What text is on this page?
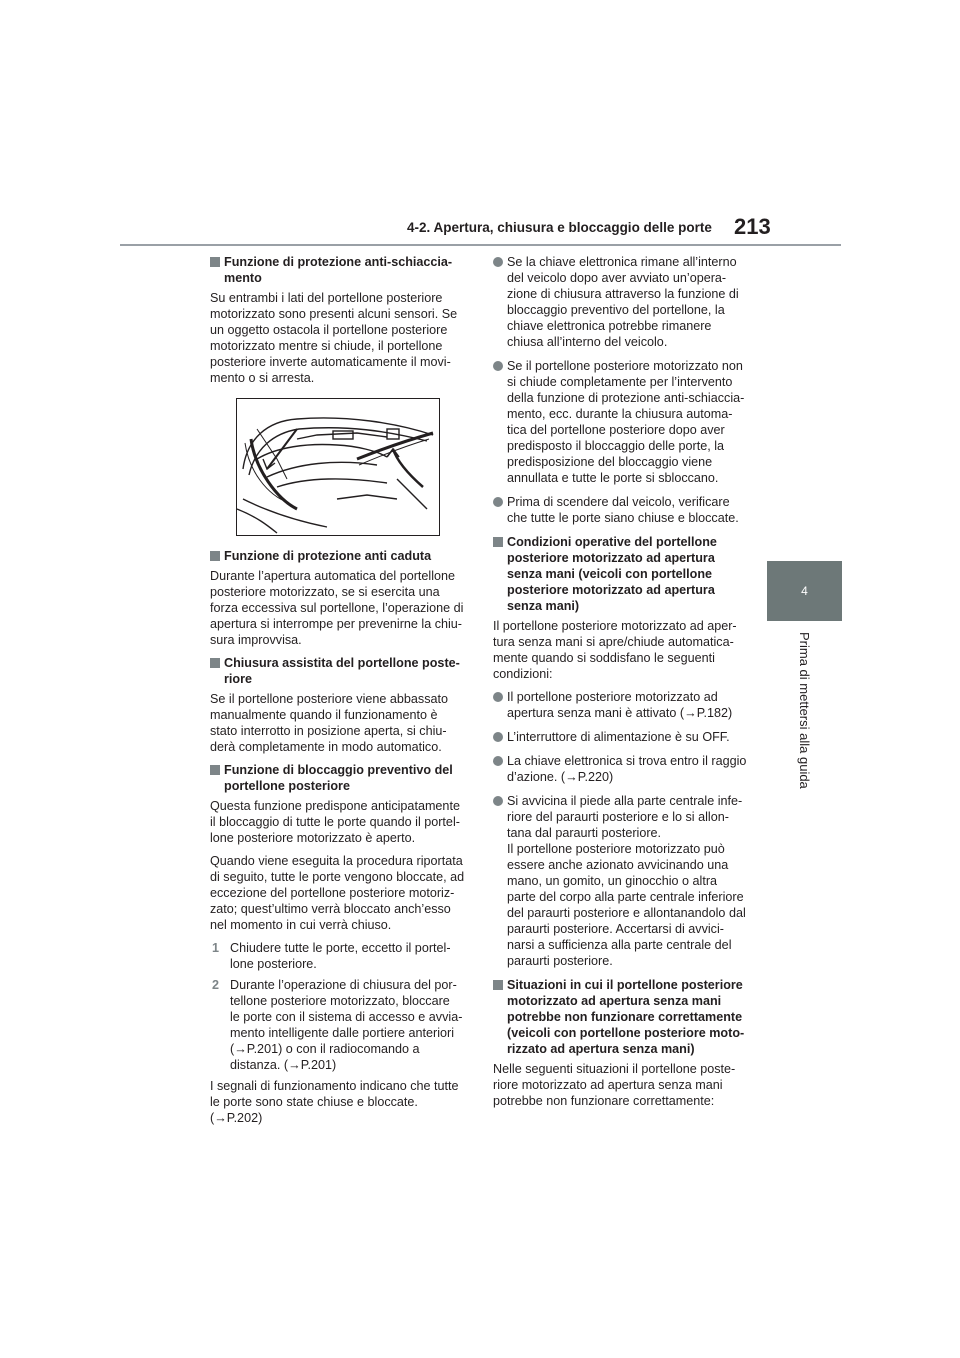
4-2. Apertura, chiusura e bloccaggio delle porte 213
4
Prima di mettersi alla guida
Funzione di protezione anti-schiaccia-
mento
Su entrambi i lati del portellone posteriore
motorizzato sono presenti alcuni sensori. Se
un oggetto ostacola il portellone posteriore
motorizzato mentre si chiude, il portellone
posteriore inverte automaticamente il movi-
mento o si arresta.
Funzione di protezione anti caduta
Durante l’apertura automatica del portellone
posteriore motorizzato, se si esercita una
forza eccessiva sul portellone, l’operazione di
apertura si interrompe per prevenirne la chiu-
sura improvvisa.
Chiusura assistita del portellone poste-
riore
Se il portellone posteriore viene abbassato
manualmente quando il funzionamento è
stato interrotto in posizione aperta, si chiu-
derà completamente in modo automatico.
Funzione di bloccaggio preventivo del
portellone posteriore
Questa funzione predispone anticipatamente
il bloccaggio di tutte le porte quando il portel-
lone posteriore motorizzato è aperto.
Quando viene eseguita la procedura riportata
di seguito, tutte le porte vengono bloccate, ad
eccezione del portellone posteriore motoriz-
zato; quest’ultimo verrà bloccato anch’esso
nel momento in cui verrà chiuso.
1 Chiudere tutte le porte, eccetto il portel-
lone posteriore.
2 Durante l’operazione di chiusura del por-
tellone posteriore motorizzato, bloccare
le porte con il sistema di accesso e avvia-
mento intelligente dalle portiere anteriori
(→P.201) o con il radiocomando a
distanza. (→P.201)
I segnali di funzionamento indicano che tutte
le porte sono state chiuse e bloccate.
(→P.202)
Se la chiave elettronica rimane all’interno
del veicolo dopo aver avviato un’opera-
zione di chiusura attraverso la funzione di
bloccaggio preventivo del portellone, la
chiave elettronica potrebbe rimanere
chiusa all’interno del veicolo.
Se il portellone posteriore motorizzato non
si chiude completamente per l’intervento
della funzione di protezione anti-schiaccia-
mento, ecc. durante la chiusura automa-
tica del portellone posteriore dopo aver
predisposto il bloccaggio delle porte, la
predisposizione del bloccaggio viene
annullata e tutte le porte si sbloccano.
Prima di scendere dal veicolo, verificare
che tutte le porte siano chiuse e bloccate.
Condizioni operative del portellone
posteriore motorizzato ad apertura
senza mani (veicoli con portellone
posteriore motorizzato ad apertura
senza mani)
Il portellone posteriore motorizzato ad aper-
tura senza mani si apre/chiude automatica-
mente quando si soddisfano le seguenti
condizioni:
Il portellone posteriore motorizzato ad
apertura senza mani è attivato (→P.182)
L’interruttore di alimentazione è su OFF.
La chiave elettronica si trova entro il raggio
d’azione. (→P.220)
Si avvicina il piede alla parte centrale infe-
riore del paraurti posteriore e lo si allon-
tana dal paraurti posteriore.
Il portellone posteriore motorizzato può
essere anche azionato avvicinando una
mano, un gomito, un ginocchio o altra
parte del corpo alla parte centrale inferiore
del paraurti posteriore e allontanandolo dal
paraurti posteriore. Accertarsi di avvici-
narsi a sufficienza alla parte centrale del
paraurti posteriore.
Situazioni in cui il portellone posteriore
motorizzato ad apertura senza mani
potrebbe non funzionare correttamente
(veicoli con portellone posteriore moto-
rizzato ad apertura senza mani)
Nelle seguenti situazioni il portellone poste-
riore motorizzato ad apertura senza mani
potrebbe non funzionare correttamente:
